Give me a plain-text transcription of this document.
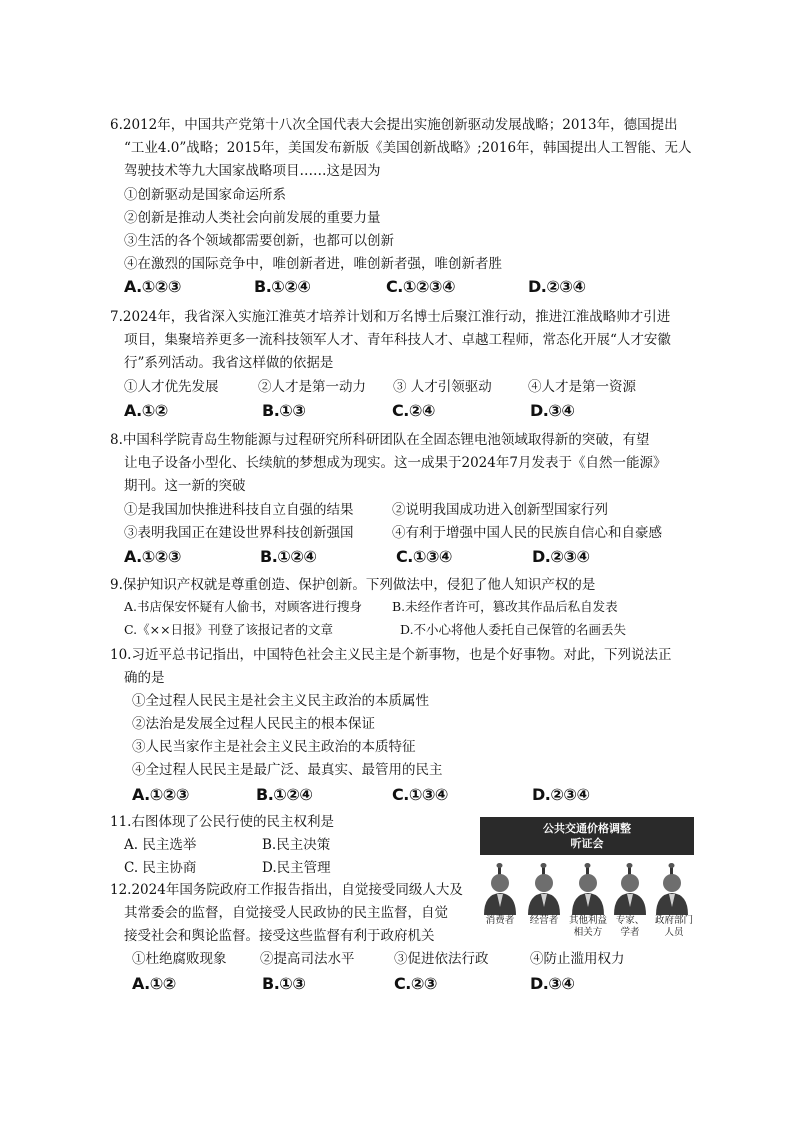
6.2012年，中国共产党第十八次全国代表大会提出实施创新驱动发展战略；2013年，德国提出
“工业4.0”战略；2015年，美国发布新版《美国创新战略》;2016年，韩国提出人工智能、无人
驾驶技术等九大国家战略项目……这是因为
①创新驱动是国家命运所系
②创新是推动人类社会向前发展的重要力量
③生活的各个领域都需要创新，也都可以创新
④在激烈的国际竞争中，唯创新者进，唯创新者强，唯创新者胜
A.①②③	B.①②④	C.①②③④	D.②③④
7.2024年，我省深入实施江淮英才培养计划和万名博士后聚江淮行动，推进江淮战略帅才引进
项目，集聚培养更多一流科技领军人才、青年科技人才、卓越工程师，常态化开展“人才安徽
行”系列活动。我省这样做的依据是
①人才优先发展	②人才是第一动力 ③ 人才引领驱动	④人才是第一资源
A.①②	B.①③	C.②④	D.③④
8.中国科学院青岛生物能源与过程研究所科研团队在全固态锂电池领域取得新的突破，有望
让电子设备小型化、长续航的梦想成为现实。这一成果于2024年7月发表于《自然一能源》
期刊。这一新的突破
①是我国加快推进科技自立自强的结果	②说明我国成功进入创新型国家行列
③表明我国正在建设世界科技创新强国	④有利于增强中国人民的民族自信心和自豪感
A.①②③	B.①②④	C.①③④	D.②③④
9.保护知识产权就是尊重创造、保护创新。下列做法中，侵犯了他人知识产权的是
A.书店保安怀疑有人偷书，对顾客进行搜身 B.未经作者许可，篡改其作品后私自发表
C.《××日报》刊登了该报记者的文章	D.不小心将他人委托自己保管的名画丢失
10.习近平总书记指出，中国特色社会主义民主是个新事物，也是个好事物。对此，下列说法正
确的是
①全过程人民民主是社会主义民主政治的本质属性
②法治是发展全过程人民民主的根本保证
③人民当家作主是社会主义民主政治的本质特征
④全过程人民民主是最广泛、最真实、最管用的民主
A.①②③	B.①②④	C.①③④	D.②③④
11.右图体现了公民行使的民主权利是
A. 民主选举	B.民主决策
C. 民主协商	D.民主管理
公共交通价格调整
听证会
消费者	经营者	其他利益
相关方
专家、
学者
政府部门
人员
12.2024年国务院政府工作报告指出，自觉接受同级人大及
其常委会的监督，自觉接受人民政协的民主监督，自觉
接受社会和舆论监督。接受这些监督有利于政府机关
①杜绝腐败现象 ②提高司法水平	③促进依法行政	④防止滥用权力
A.①②	B.①③	C.②③	D.③④
